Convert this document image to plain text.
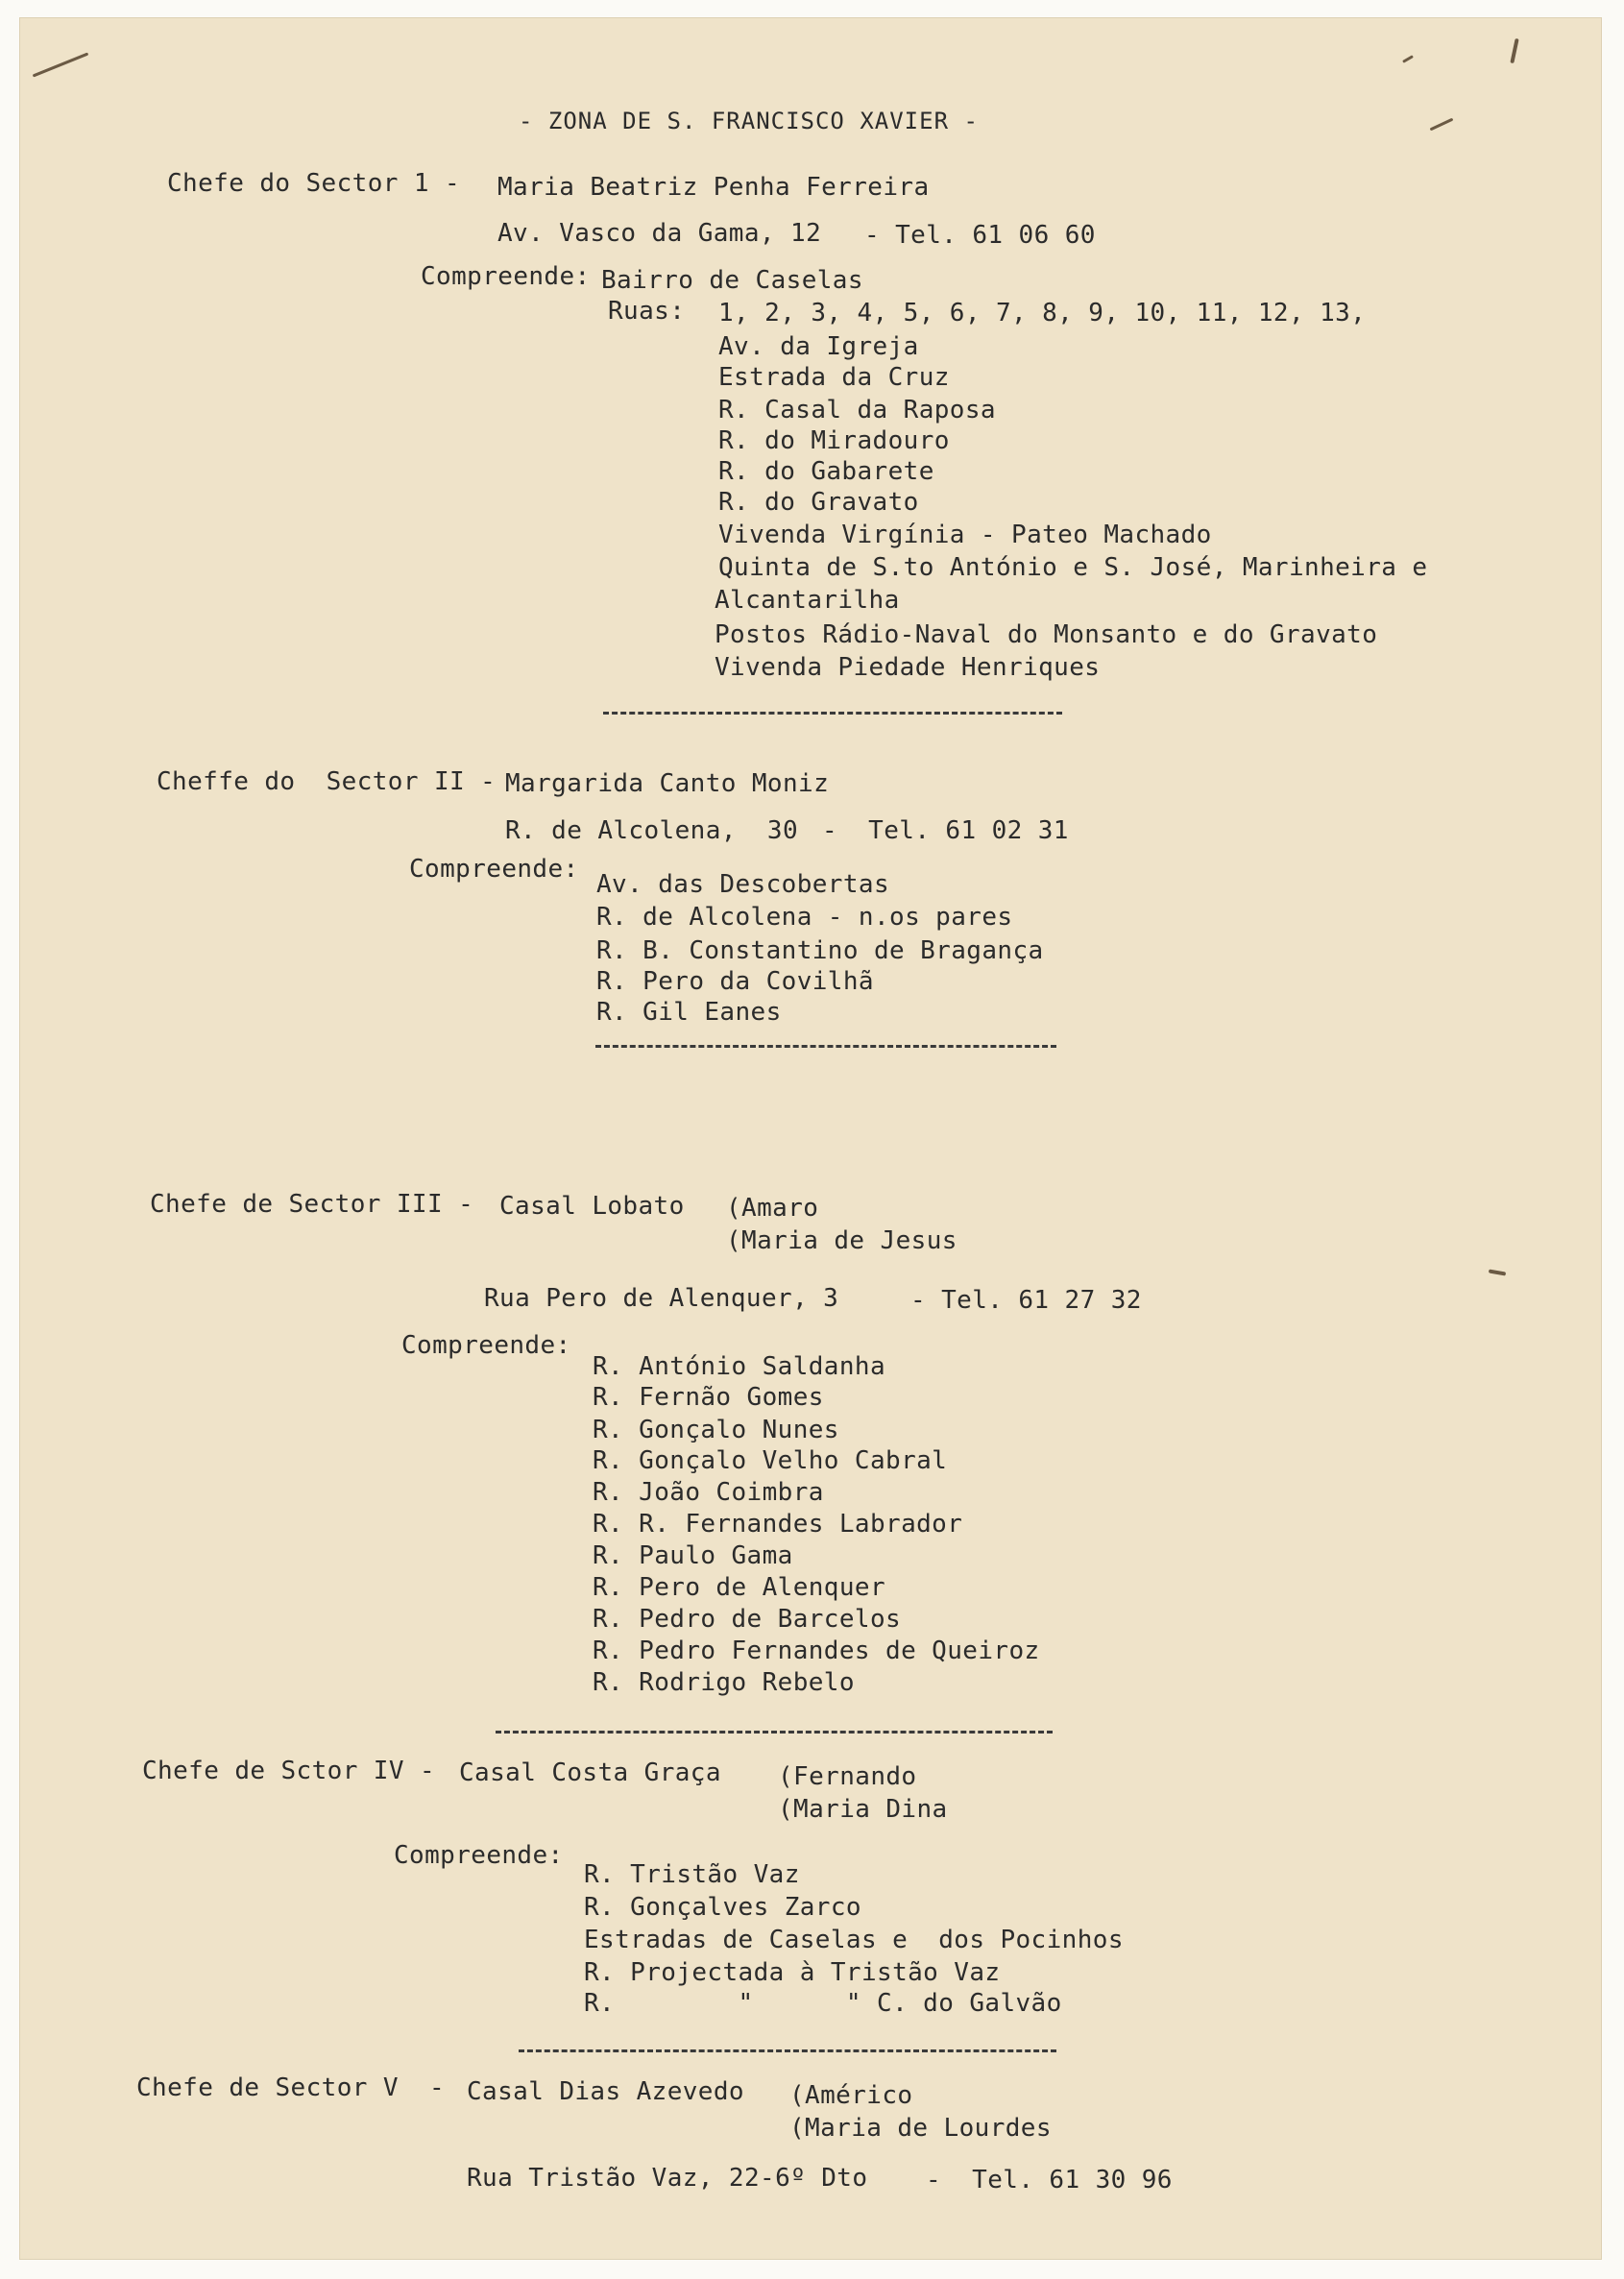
- ZONA DE S. FRANCISCO XAVIER -
Chefe do Sector 1 - Maria Beatriz Penha Ferreira
Av. Vasco da Gama, 12 - Tel. 61 06 60
Compreende: Bairro de Caselas
Ruas: 1, 2, 3, 4, 5, 6, 7, 8, 9, 10, 11, 12, 13,
Av. da Igreja
Estrada da Cruz
R. Casal da Raposa
R. do Miradouro
R. do Gabarete
R. do Gravato
Vivenda Virgínia - Pateo Machado
Quinta de S.to António e S. José, Marinheira e
Alcantarilha
Postos Rádio-Naval do Monsanto e do Gravato
Vivenda Piedade Henriques
Cheffe do  Sector II - Margarida Canto Moniz
R. de Alcolena,  30 -  Tel. 61 02 31
Compreende:
Av. das Descobertas
R. de Alcolena - n.os pares
R. B. Constantino de Bragança
R. Pero da Covilhã
R. Gil Eanes
Chefe de Sector III - Casal Lobato (Amaro
(Maria de Jesus
Rua Pero de Alenquer, 3	- Tel. 61 27 32
Compreende:
R. António Saldanha
R. Fernão Gomes
R. Gonçalo Nunes
R. Gonçalo Velho Cabral
R. João Coimbra
R. R. Fernandes Labrador
R. Paulo Gama
R. Pero de Alenquer
R. Pedro de Barcelos
R. Pedro Fernandes de Queiroz
R. Rodrigo Rebelo
Chefe de Sctor IV - Casal Costa Graça (Fernando
(Maria Dina
Compreende:
R. Tristão Vaz
R. Gonçalves Zarco
Estradas de Caselas e  dos Pocinhos
R. Projectada à Tristão Vaz
R.        "      " C. do Galvão
Chefe de Sector V  - Casal Dias Azevedo (Américo
(Maria de Lourdes
Rua Tristão Vaz, 22-6º Dto -  Tel. 61 30 96
